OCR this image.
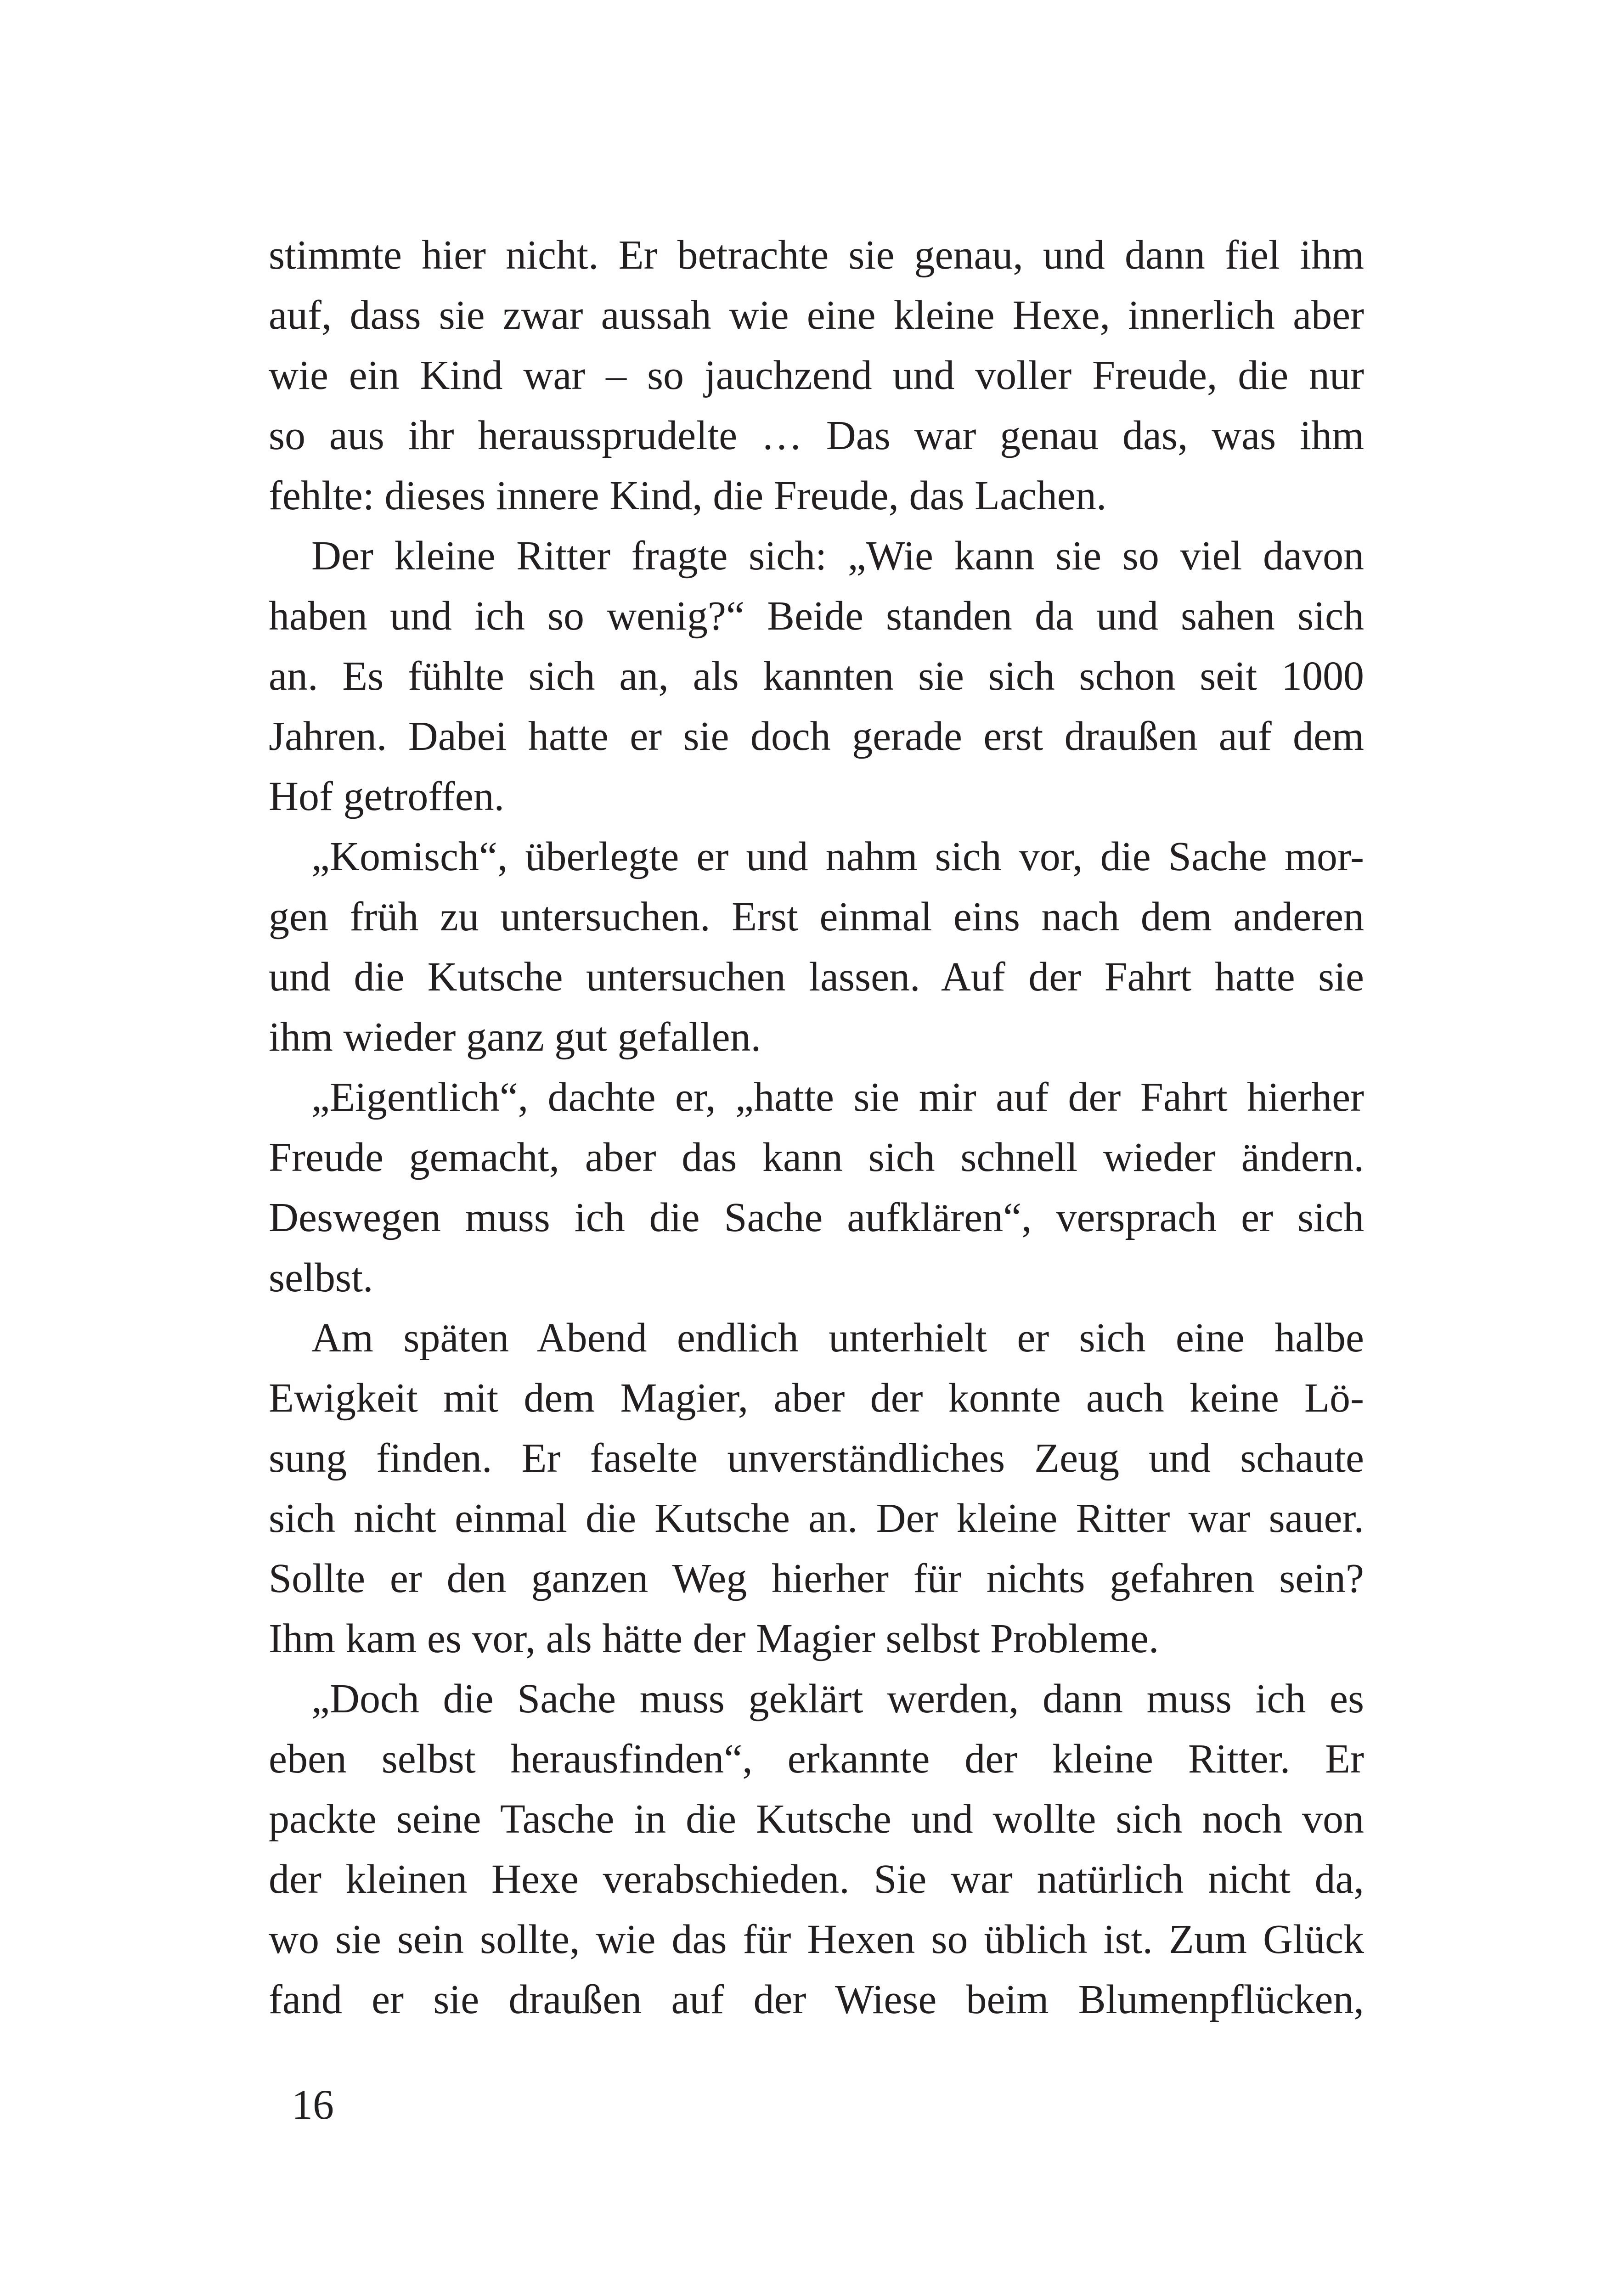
stimmte hier nicht. Er betrachte sie genau, und dann fiel ihm
auf, dass sie zwar aussah wie eine kleine Hexe, innerlich aber
wie ein Kind war – so jauchzend und voller Freude, die nur
so aus ihr heraussprudelte … Das war genau das, was ihm
fehlte: dieses innere Kind, die Freude, das Lachen.
Der kleine Ritter fragte sich: „Wie kann sie so viel davon
haben und ich so wenig?“ Beide standen da und sahen sich
an. Es fühlte sich an, als kannten sie sich schon seit 1000
Jahren. Dabei hatte er sie doch gerade erst draußen auf dem
Hof getroffen.
„Komisch“, überlegte er und nahm sich vor, die Sache mor-
gen früh zu untersuchen. Erst einmal eins nach dem anderen
und die Kutsche untersuchen lassen. Auf der Fahrt hatte sie
ihm wieder ganz gut gefallen.
„Eigentlich“, dachte er, „hatte sie mir auf der Fahrt hierher
Freude gemacht, aber das kann sich schnell wieder ändern.
Deswegen muss ich die Sache aufklären“, versprach er sich
selbst.
Am späten Abend endlich unterhielt er sich eine halbe
Ewigkeit mit dem Magier, aber der konnte auch keine Lö-
sung finden. Er faselte unverständliches Zeug und schaute
sich nicht einmal die Kutsche an. Der kleine Ritter war sauer.
Sollte er den ganzen Weg hierher für nichts gefahren sein?
Ihm kam es vor, als hätte der Magier selbst Probleme.
„Doch die Sache muss geklärt werden, dann muss ich es
eben selbst herausfinden“, erkannte der kleine Ritter. Er
packte seine Tasche in die Kutsche und wollte sich noch von
der kleinen Hexe verabschieden. Sie war natürlich nicht da,
wo sie sein sollte, wie das für Hexen so üblich ist. Zum Glück
fand er sie draußen auf der Wiese beim Blumenpflücken,
16
